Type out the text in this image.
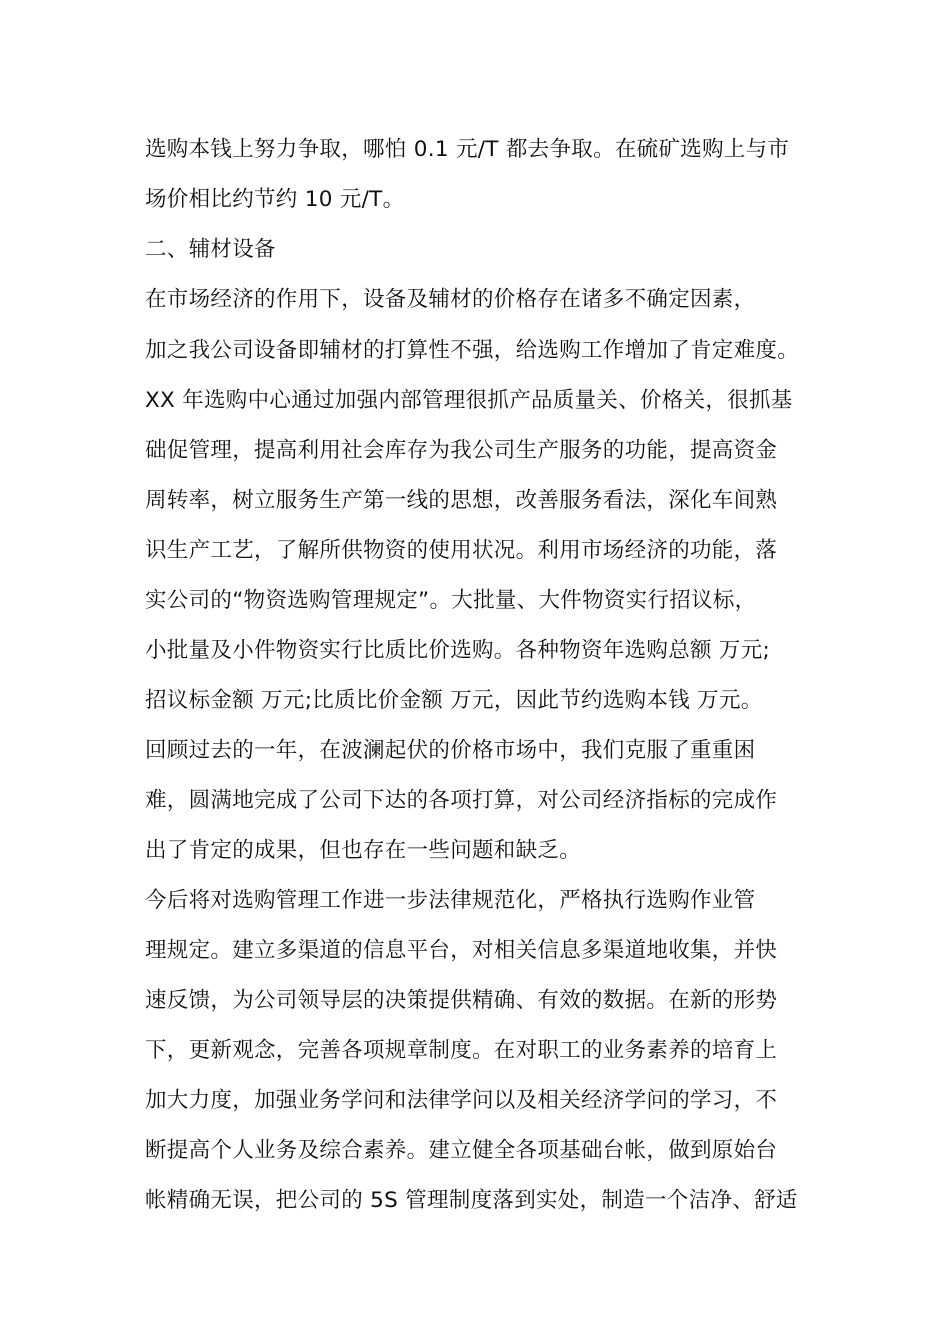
选购本钱上努力争取，哪怕 0.1 元/T 都去争取。在硫矿选购上与市
场价相比约节约 10 元/T。
二、辅材设备
在市场经济的作用下，设备及辅材的价格存在诸多不确定因素，
加之我公司设备即辅材的打算性不强，给选购工作增加了肯定难度。
XX 年选购中心通过加强内部管理很抓产品质量关、价格关，很抓基
础促管理，提高利用社会库存为我公司生产服务的功能，提高资金
周转率，树立服务生产第一线的思想，改善服务看法，深化车间熟
识生产工艺，了解所供物资的使用状况。利用市场经济的功能，落
实公司的“物资选购管理规定”。大批量、大件物资实行招议标，
小批量及小件物资实行比质比价选购。各种物资年选购总额 万元;
招议标金额 万元;比质比价金额 万元，因此节约选购本钱 万元。
回顾过去的一年，在波澜起伏的价格市场中，我们克服了重重困
难，圆满地完成了公司下达的各项打算，对公司经济指标的完成作
出了肯定的成果，但也存在一些问题和缺乏。
今后将对选购管理工作进一步法律规范化，严格执行选购作业管
理规定。建立多渠道的信息平台，对相关信息多渠道地收集，并快
速反馈，为公司领导层的决策提供精确、有效的数据。在新的形势
下，更新观念，完善各项规章制度。在对职工的业务素养的培育上
加大力度，加强业务学问和法律学问以及相关经济学问的学习，不
断提高个人业务及综合素养。建立健全各项基础台帐，做到原始台
帐精确无误，把公司的 5S 管理制度落到实处，制造一个洁净、舒适
